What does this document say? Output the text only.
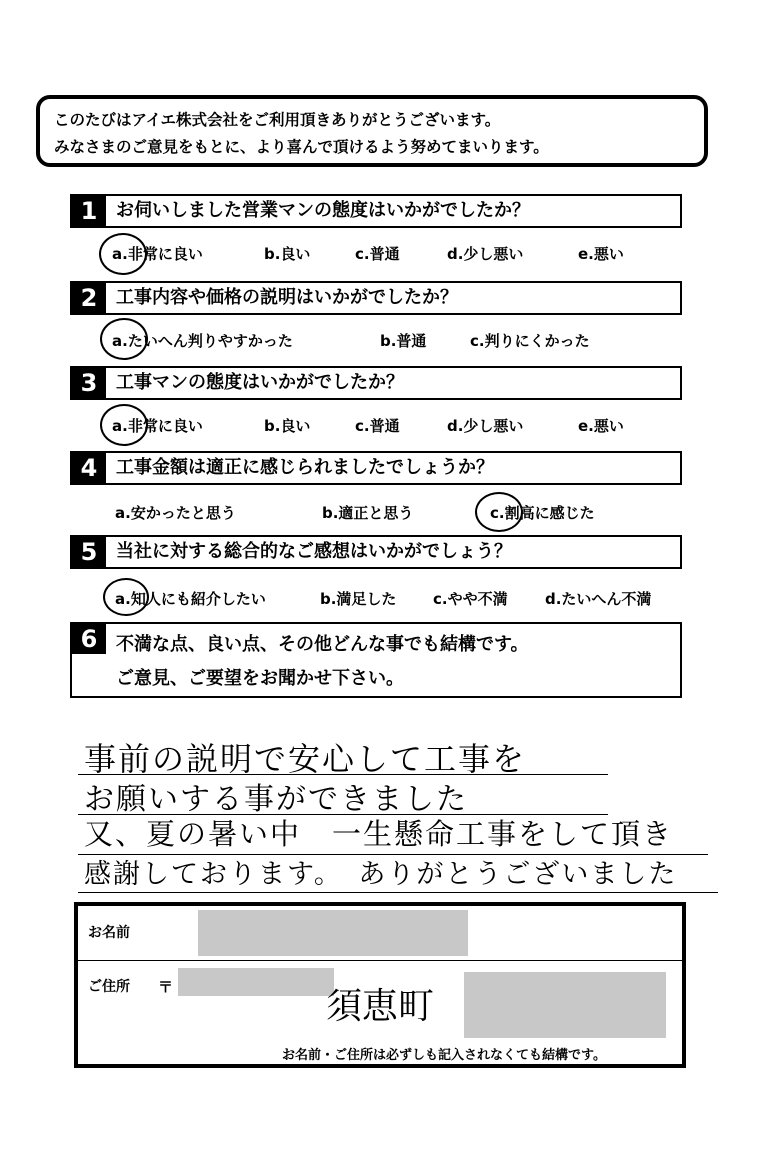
このたびはアイエ株式会社をご利用頂きありがとうございます。
みなさまのご意見をもとに、より喜んで頂けるよう努めてまいります。
1	お伺いしました営業マンの態度はいかがでしたか？
a.非常に良い	b.良い	c.普通	d.少し悪い	e.悪い
2	工事内容や価格の説明はいかがでしたか？
a.たいへん判りやすかった	b.普通	c.判りにくかった
3	工事マンの態度はいかがでしたか？
a.非常に良い	b.良い	c.普通	d.少し悪い	e.悪い
4	工事金額は適正に感じられましたでしょうか？
a.安かったと思う	b.適正と思う	c.割高に感じた
5	当社に対する総合的なご感想はいかがでしょう？
a.知人にも紹介したい	b.満足した c.やや不満 d.たいへん不満
6	不満な点、良い点、その他どんな事でも結構です。
ご意見、ご要望をお聞かせ下さい。
事前の説明で安心して工事を
お願いする事ができました
又、夏の暑い中　一生懸命工事をして頂き
感謝しております。　ありがとうございました
お名前
ご住所 〒	須恵町
お名前・ご住所は必ずしも記入されなくても結構です。
